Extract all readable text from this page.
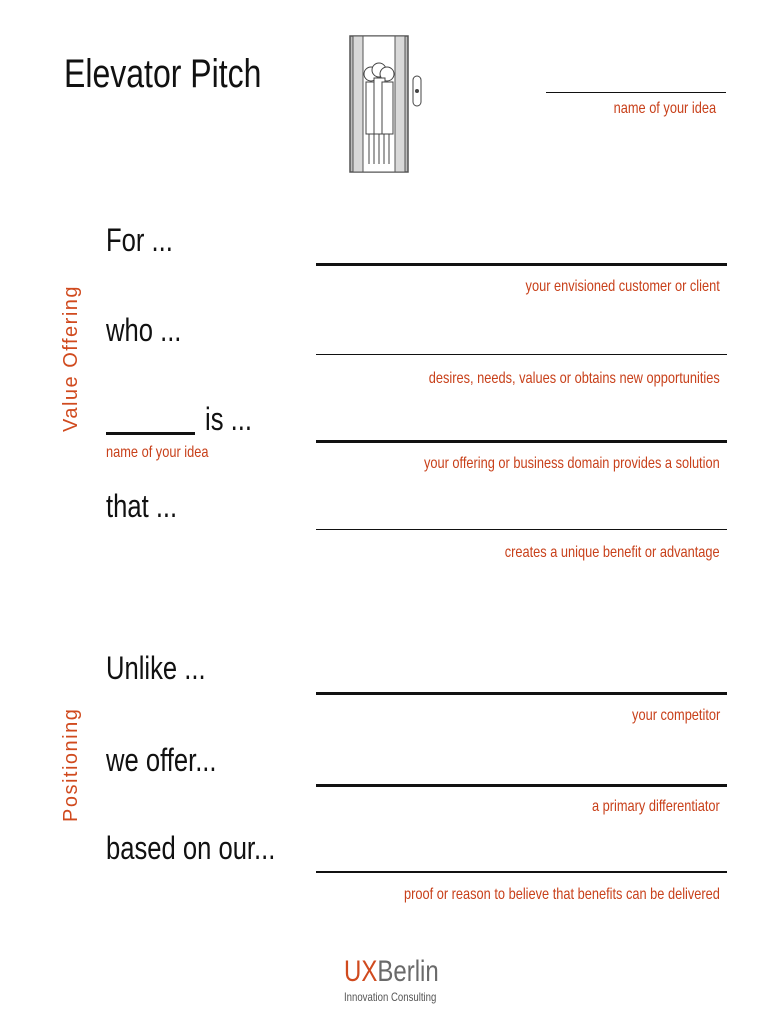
Elevator Pitch
name of your idea
Value Offering
Positioning
For ...
your envisioned customer or client
who ...
desires, needs, values or obtains new opportunities
is ...
name of your idea
your offering or business domain provides a solution
that ...
creates a unique benefit or advantage
Unlike ...
your competitor
we offer...
a primary differentiator
based on our...
proof or reason to believe that benefits can be delivered
UXBerlin
Innovation Consulting
